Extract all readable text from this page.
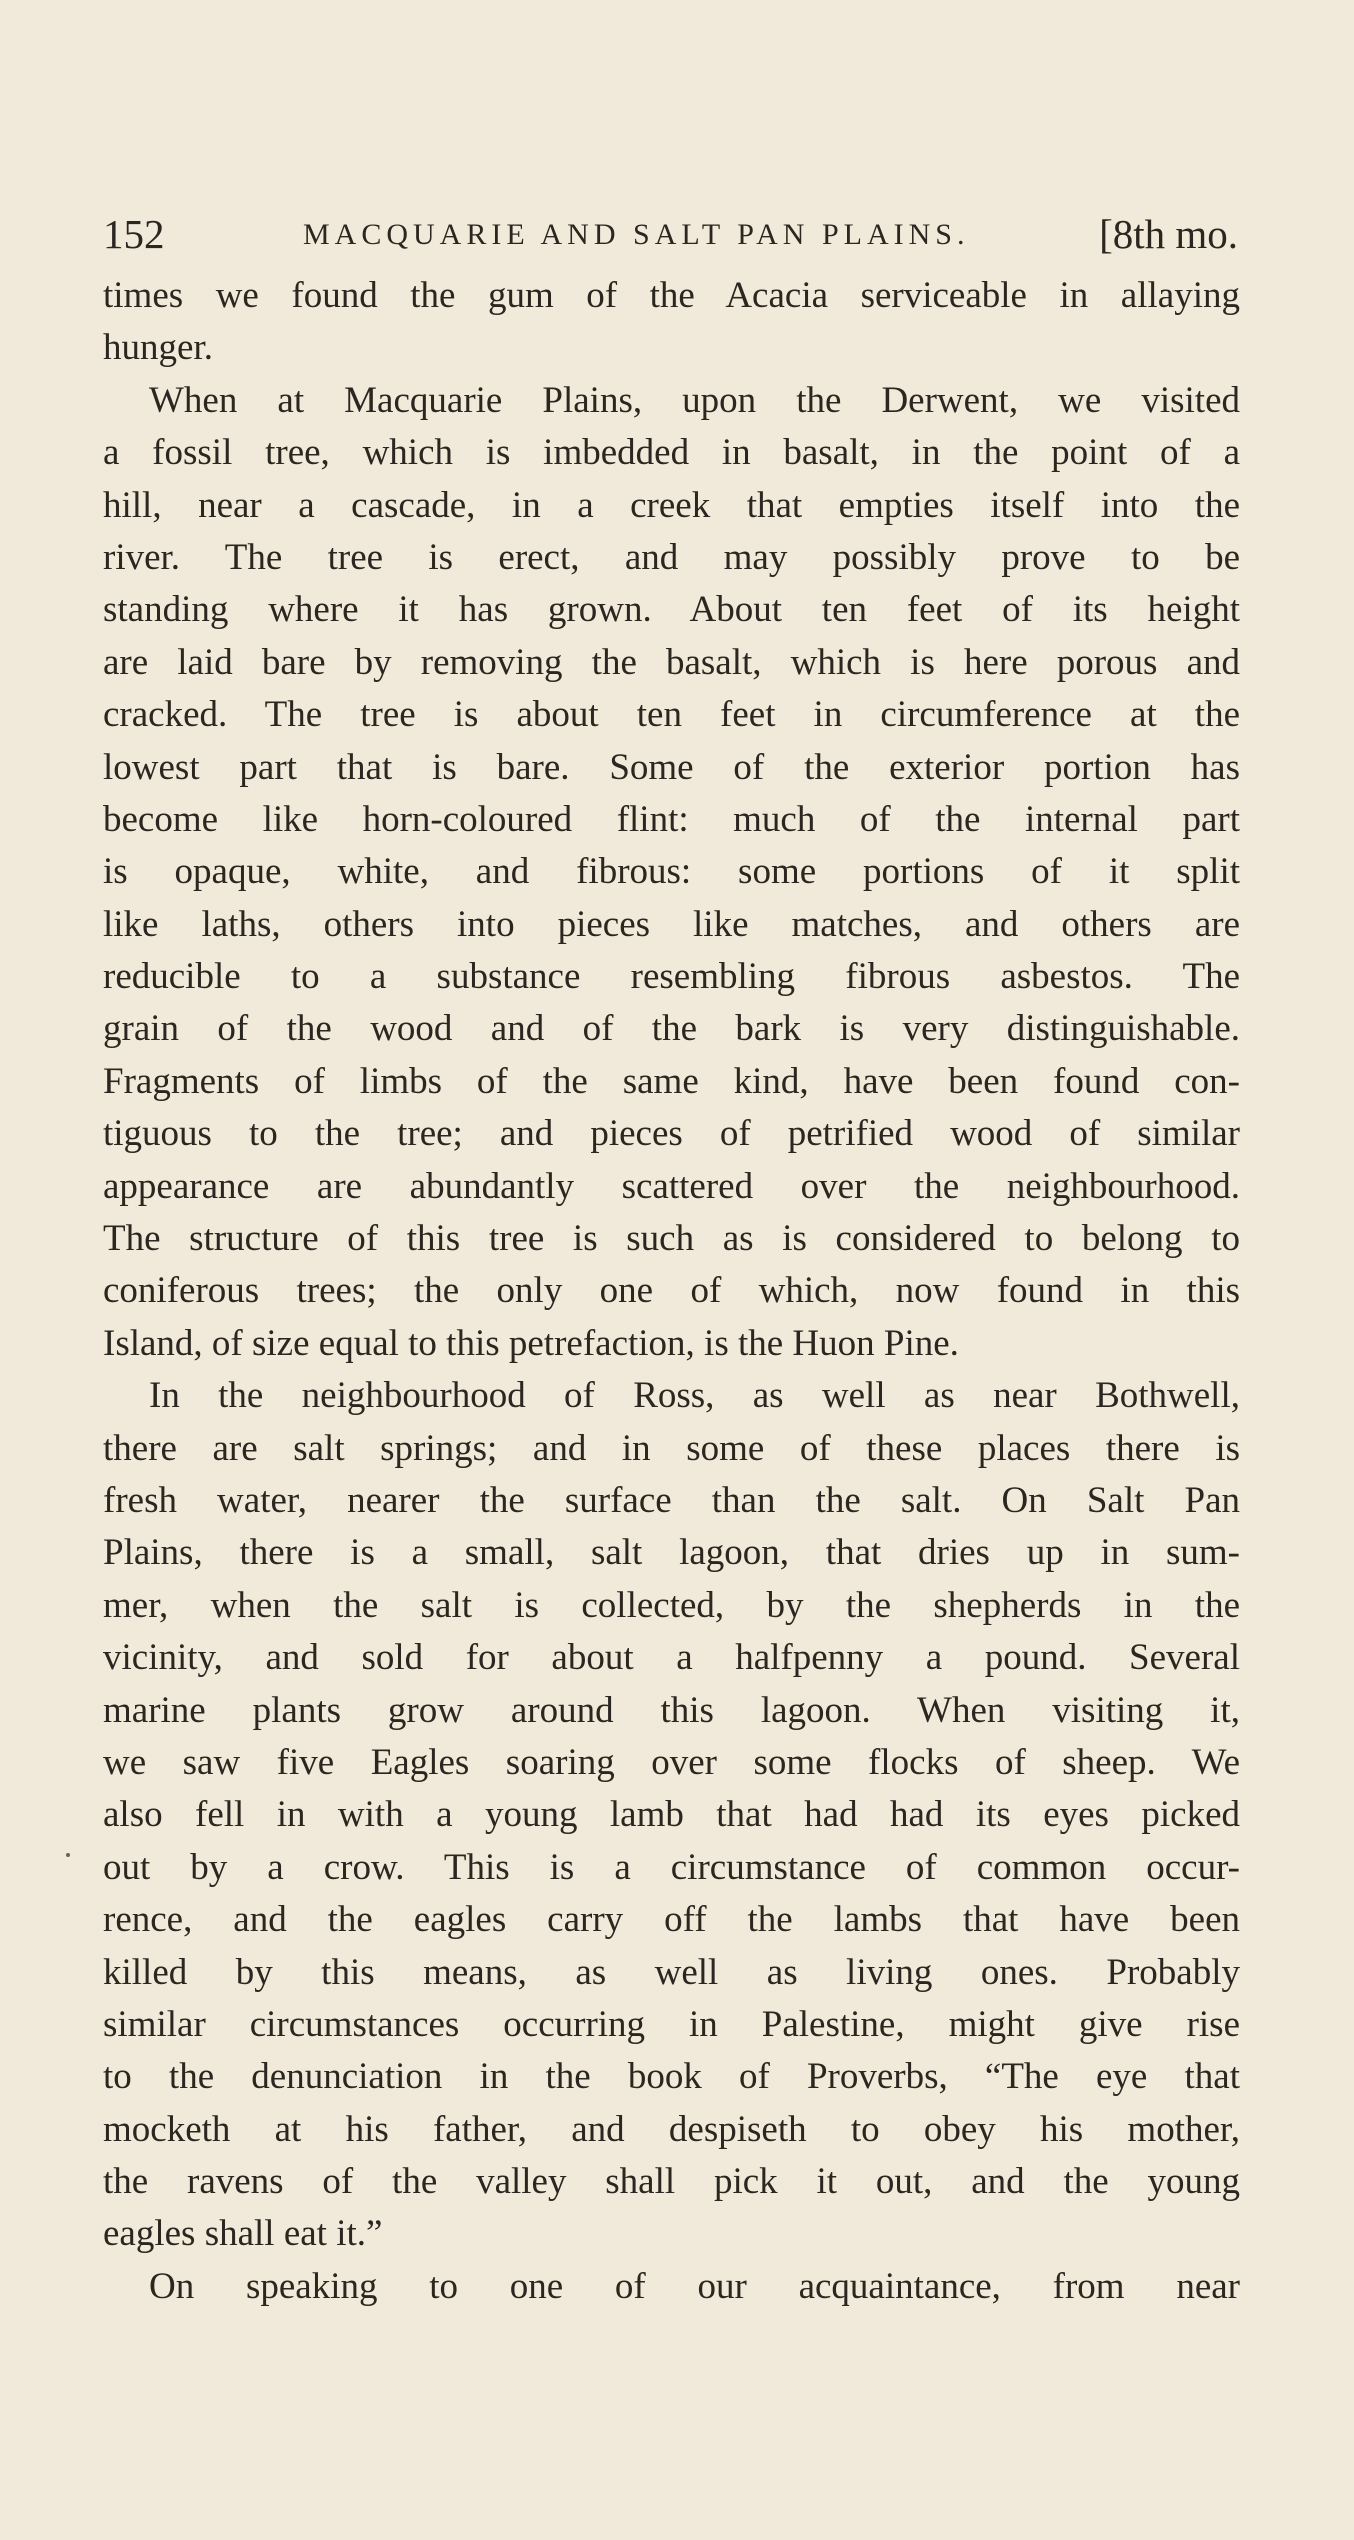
152	MACQUARIE AND SALT PAN PLAINS.	[8th mo.
times we found the gum of the Acacia serviceable in allaying
hunger.
When at Macquarie Plains, upon the Derwent, we visited
a fossil tree, which is imbedded in basalt, in the point of a
hill, near a cascade, in a creek that empties itself into the
river. The tree is erect, and may possibly prove to be
standing where it has grown. About ten feet of its height
are laid bare by removing the basalt, which is here porous and
cracked. The tree is about ten feet in circumference at the
lowest part that is bare. Some of the exterior portion has
become like horn-coloured flint: much of the internal part
is opaque, white, and fibrous: some portions of it split
like laths, others into pieces like matches, and others are
reducible to a substance resembling fibrous asbestos. The
grain of the wood and of the bark is very distinguishable.
Fragments of limbs of the same kind, have been found con-
tiguous to the tree; and pieces of petrified wood of similar
appearance are abundantly scattered over the neighbourhood.
The structure of this tree is such as is considered to belong to
coniferous trees; the only one of which, now found in this
Island, of size equal to this petrefaction, is the Huon Pine.
In the neighbourhood of Ross, as well as near Bothwell,
there are salt springs; and in some of these places there is
fresh water, nearer the surface than the salt. On Salt Pan
Plains, there is a small, salt lagoon, that dries up in sum-
mer, when the salt is collected, by the shepherds in the
vicinity, and sold for about a halfpenny a pound. Several
marine plants grow around this lagoon. When visiting it,
we saw five Eagles soaring over some flocks of sheep. We
also fell in with a young lamb that had had its eyes picked
out by a crow. This is a circumstance of common occur-
rence, and the eagles carry off the lambs that have been
killed by this means, as well as living ones. Probably
similar circumstances occurring in Palestine, might give rise
to the denunciation in the book of Proverbs, “The eye that
mocketh at his father, and despiseth to obey his mother,
the ravens of the valley shall pick it out, and the young
eagles shall eat it.”
On speaking to one of our acquaintance, from near
